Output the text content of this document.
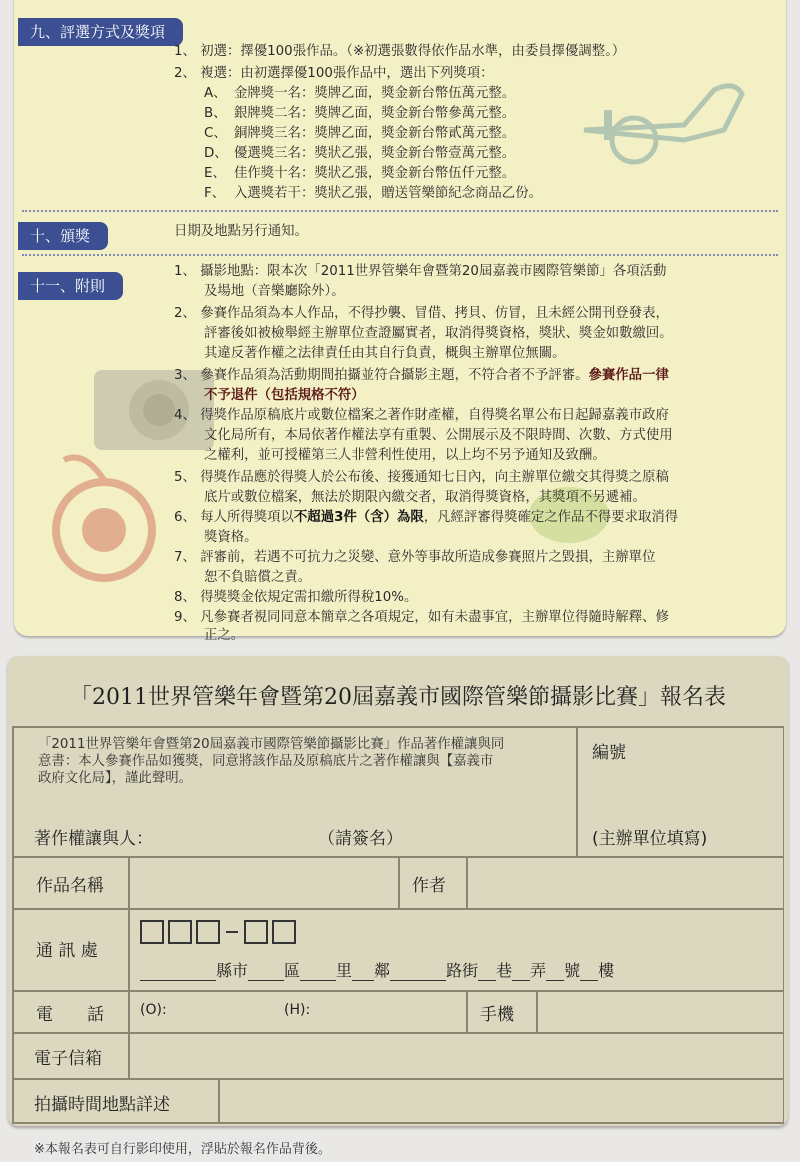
九、評選方式及獎項
1、 初選：擇優100張作品。（※初選張數得依作品水準，由委員擇優調整。）
2、 複選：由初選擇優100張作品中，選出下列獎項：
A、 金牌獎一名：獎牌乙面，獎金新台幣伍萬元整。
B、 銀牌獎二名：獎牌乙面，獎金新台幣參萬元整。
C、 銅牌獎三名：獎牌乙面，獎金新台幣貳萬元整。
D、 優選獎三名：獎狀乙張，獎金新台幣壹萬元整。
E、 佳作獎十名：獎狀乙張，獎金新台幣伍仟元整。
F、 入選獎若干：獎狀乙張，贈送管樂節紀念商品乙份。
十、頒獎	日期及地點另行通知。
十一、附則
1、 攝影地點：限本次「2011世界管樂年會暨第20屆嘉義市國際管樂節」各項活動
及場地（音樂廳除外）。
2、 參賽作品須為本人作品，不得抄襲、冒借、拷貝、仿冒，且未經公開刊登發表，
評審後如被檢舉經主辦單位查證屬實者，取消得獎資格，獎狀、獎金如數繳回。
其違反著作權之法律責任由其自行負責，概與主辦單位無關。
3、 參賽作品須為活動期間拍攝並符合攝影主題，不符合者不予評審。參賽作品一律
不予退件（包括規格不符）
4、 得獎作品原稿底片或數位檔案之著作財產權，自得獎名單公布日起歸嘉義市政府
文化局所有，本局依著作權法享有重製、公開展示及不限時間、次數、方式使用
之權利，並可授權第三人非營利性使用，以上均不另予通知及致酬。
5、 得獎作品應於得獎人於公布後、接獲通知七日內，向主辦單位繳交其得獎之原稿
底片或數位檔案，無法於期限內繳交者，取消得獎資格，其獎項不另遞補。
6、 每人所得獎項以不超過3件（含）為限，凡經評審得獎確定之作品不得要求取消得
獎資格。
7、 評審前，若遇不可抗力之災變、意外等事故所造成參賽照片之毀損，主辦單位
恕不負賠償之責。
8、 得獎獎金依規定需扣繳所得稅10%。
9、 凡參賽者視同同意本簡章之各項規定，如有未盡事宜，主辦單位得隨時解釋、修
「2011世界管樂年會暨第20屆嘉義市國際管樂節攝影比賽」報名表
「2011世界管樂年會暨第20屆嘉義市國際管樂節攝影比賽」作品著作權讓與同
意書：本人參賽作品如獲獎，同意將該作品及原稿底片之著作權讓與【嘉義市
政府文化局】，謹此聲明。
編號
著作權讓與人：	（請簽名）	(主辦單位填寫)
作品名稱	作者
通 訊 處
縣市 區 里 鄰	路街 巷 弄 號 樓
電　　話	(O):	(H):	手機
電子信箱
拍攝時間地點詳述
※本報名表可自行影印使用，浮貼於報名作品背後。
正之。
